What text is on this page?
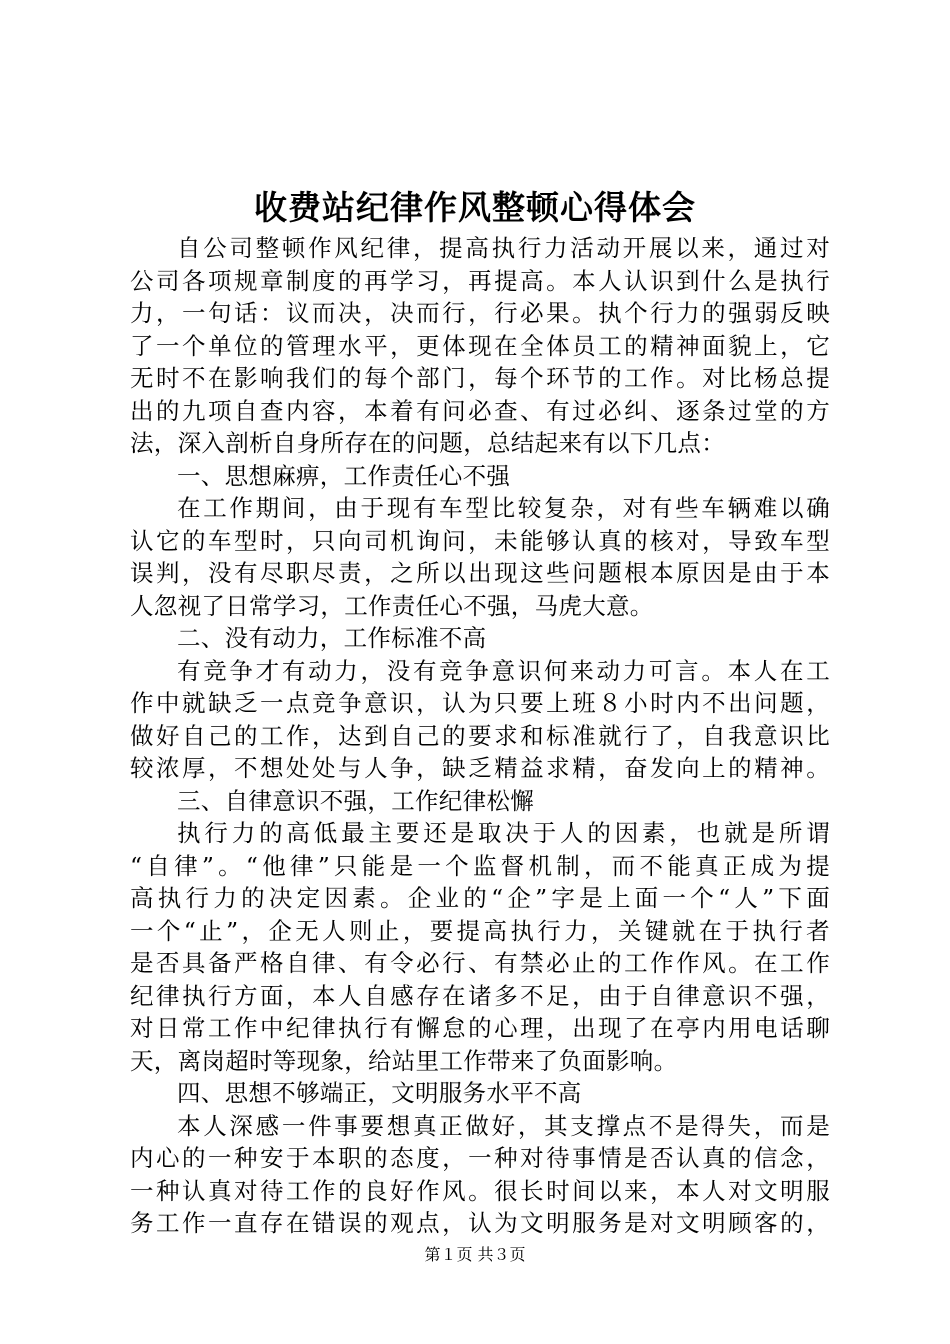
收费站纪律作风整顿心得体会
自公司整顿作风纪律，提高执行力活动开展以来，通过对
公司各项规章制度的再学习，再提高。本人认识到什么是执行
力，一句话：议而决，决而行，行必果。执个行力的强弱反映
了一个单位的管理水平，更体现在全体员工的精神面貌上，它
无时不在影响我们的每个部门，每个环节的工作。对比杨总提
出的九项自查内容，本着有问必查、有过必纠、逐条过堂的方
法，深入剖析自身所存在的问题，总结起来有以下几点：
一、思想麻痹，工作责任心不强
在工作期间，由于现有车型比较复杂，对有些车辆难以确
认它的车型时，只向司机询问，未能够认真的核对，导致车型
误判，没有尽职尽责，之所以出现这些问题根本原因是由于本
人忽视了日常学习，工作责任心不强，马虎大意。
二、没有动力，工作标准不高
有竞争才有动力，没有竞争意识何来动力可言。本人在工
作中就缺乏一点竞争意识，认为只要上班８小时内不出问题，
做好自己的工作，达到自己的要求和标准就行了，自我意识比
较浓厚，不想处处与人争，缺乏精益求精，奋发向上的精神。
三、自律意识不强，工作纪律松懈
执行力的高低最主要还是取决于人的因素，也就是所谓
“自律”。“他律”只能是一个监督机制，而不能真正成为提
高执行力的决定因素。企业的“企”字是上面一个“人”下面
一个“止”，企无人则止，要提高执行力，关键就在于执行者
是否具备严格自律、有令必行、有禁必止的工作作风。在工作
纪律执行方面，本人自感存在诸多不足，由于自律意识不强，
对日常工作中纪律执行有懈怠的心理，出现了在亭内用电话聊
天，离岗超时等现象，给站里工作带来了负面影响。
四、思想不够端正，文明服务水平不高
本人深感一件事要想真正做好，其支撑点不是得失，而是
内心的一种安于本职的态度，一种对待事情是否认真的信念，
一种认真对待工作的良好作风。很长时间以来，本人对文明服
务工作一直存在错误的观点，认为文明服务是对文明顾客的，
第１页 共３页
